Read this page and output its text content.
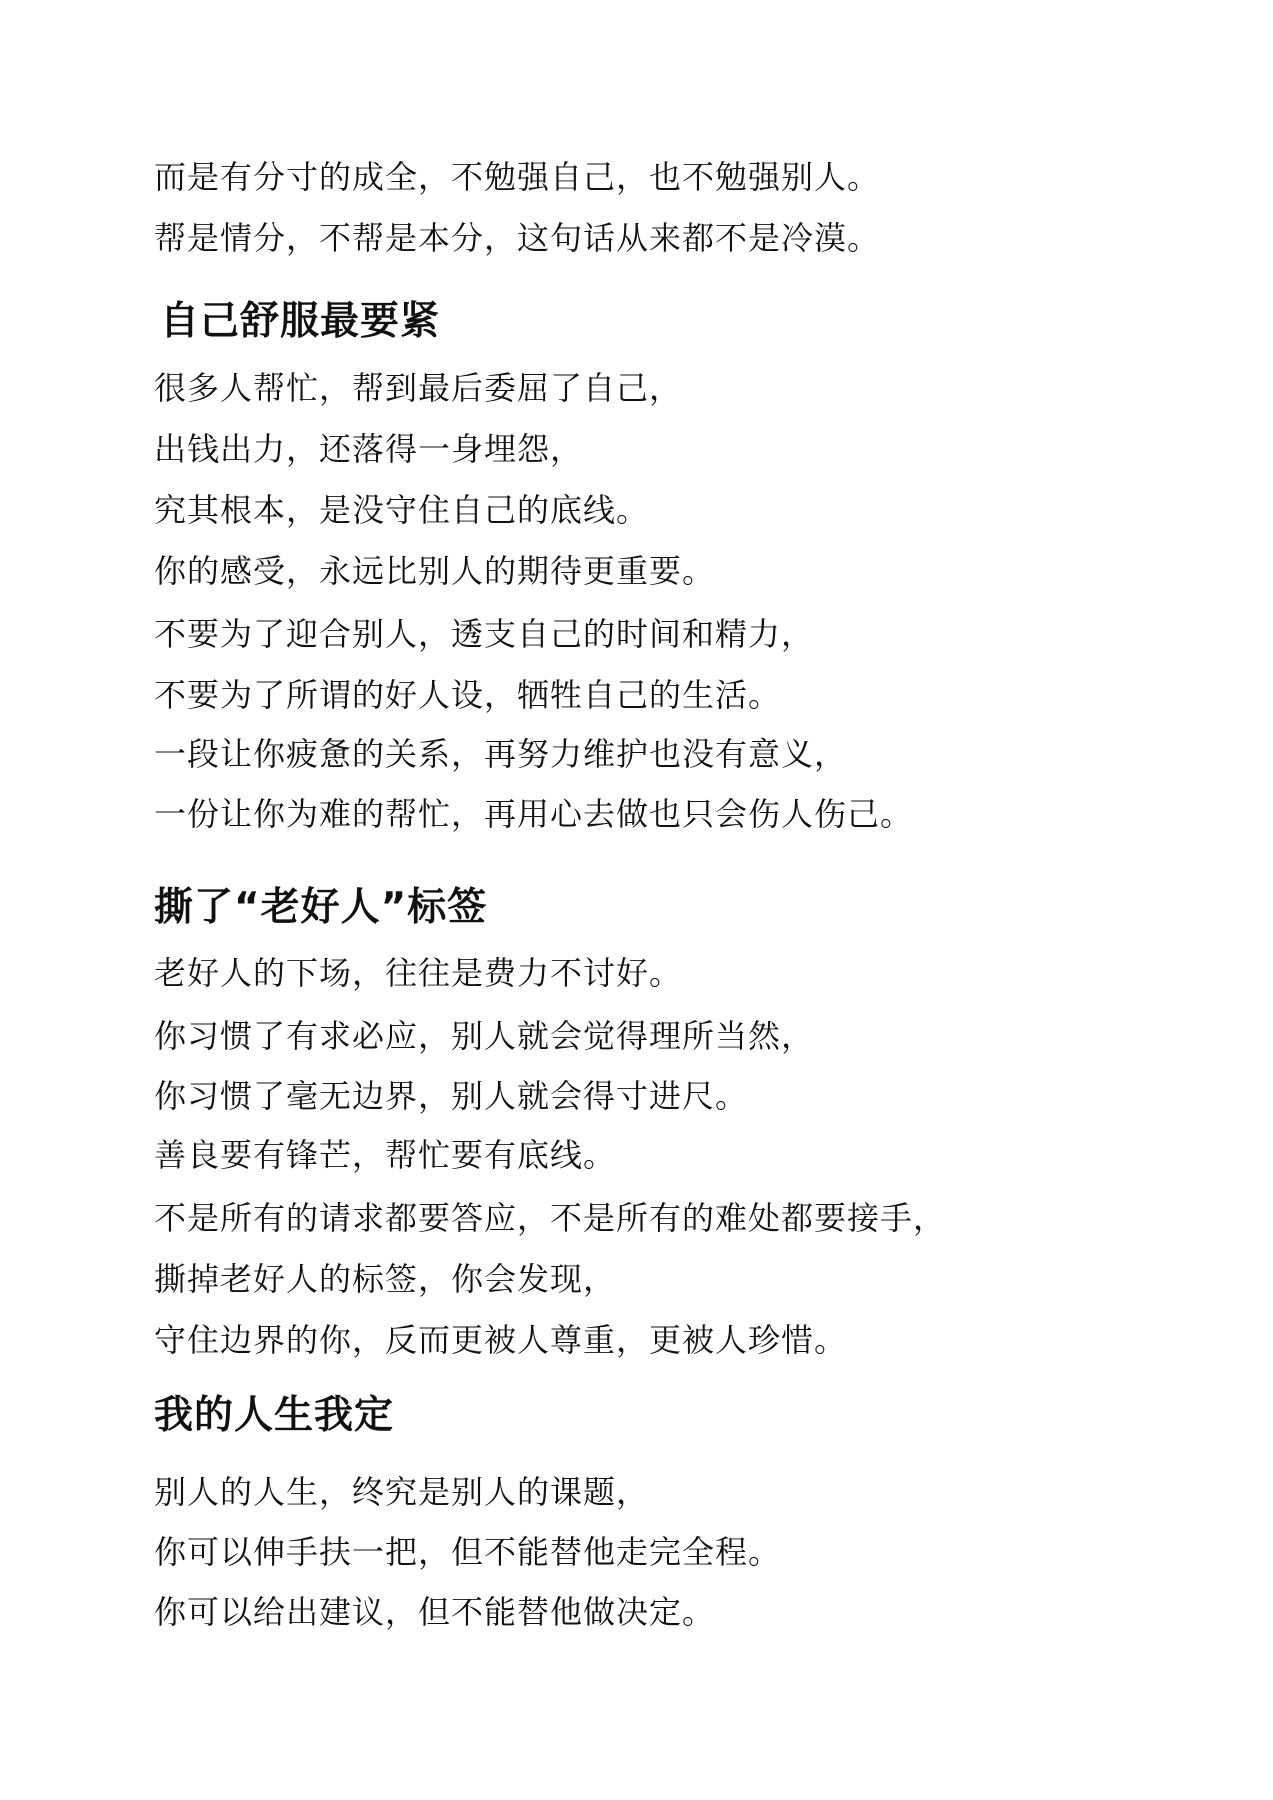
而是有分寸的成全，不勉强自己，也不勉强别人。
帮是情分，不帮是本分，这句话从来都不是冷漠。
自己舒服最要紧
很多人帮忙，帮到最后委屈了自己，
出钱出力，还落得一身埋怨，
究其根本，是没守住自己的底线。
你的感受，永远比别人的期待更重要。
不要为了迎合别人，透支自己的时间和精力，
不要为了所谓的好人设，牺牲自己的生活。
一段让你疲惫的关系，再努力维护也没有意义，
一份让你为难的帮忙，再用心去做也只会伤人伤己。
撕了“老好人”标签
老好人的下场，往往是费力不讨好。
你习惯了有求必应，别人就会觉得理所当然，
你习惯了毫无边界，别人就会得寸进尺。
善良要有锋芒，帮忙要有底线。
不是所有的请求都要答应，不是所有的难处都要接手，
撕掉老好人的标签，你会发现，
守住边界的你，反而更被人尊重，更被人珍惜。
我的人生我定
别人的人生，终究是别人的课题，
你可以伸手扶一把，但不能替他走完全程。
你可以给出建议，但不能替他做决定。
